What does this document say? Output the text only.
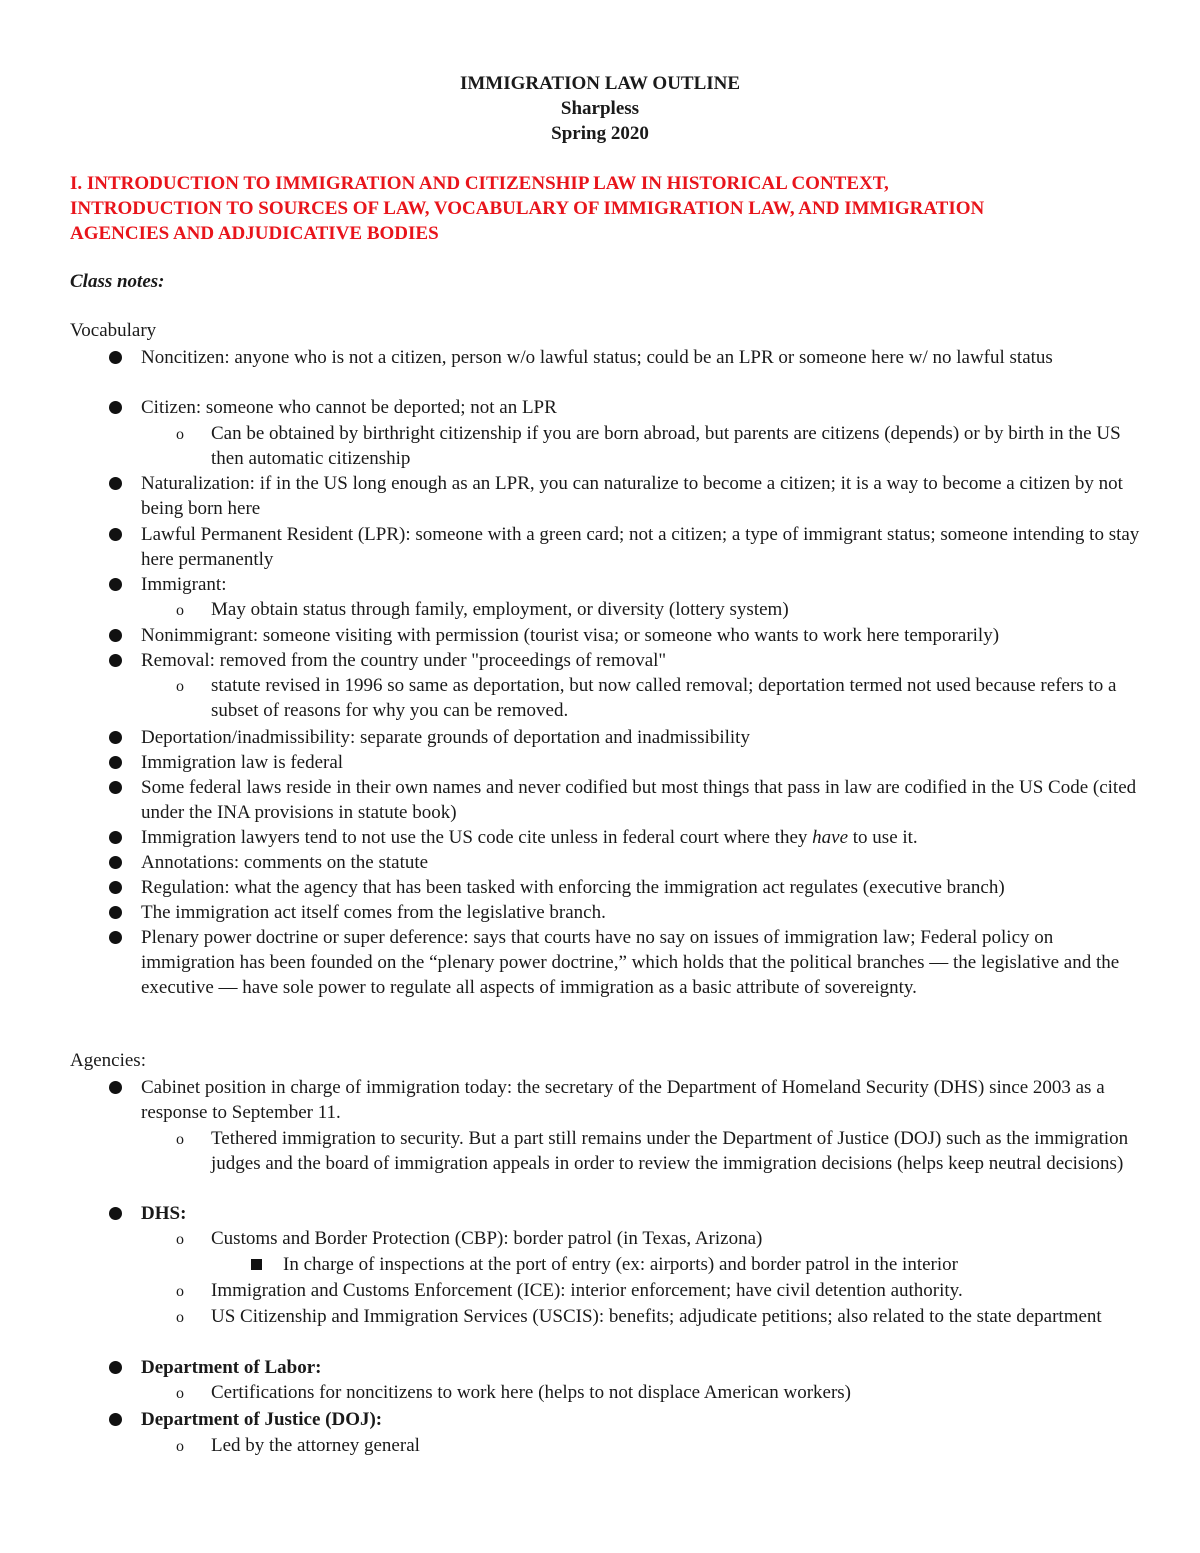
IMMIGRATION LAW OUTLINE
Sharpless
Spring 2020
I. INTRODUCTION TO IMMIGRATION AND CITIZENSHIP LAW IN HISTORICAL CONTEXT,
INTRODUCTION TO SOURCES OF LAW, VOCABULARY OF IMMIGRATION LAW, AND IMMIGRATION
AGENCIES AND ADJUDICATIVE BODIES
Class notes:
Vocabulary
Noncitizen: anyone who is not a citizen, person w/o lawful status; could be an LPR or someone here w/ no lawful status
Citizen: someone who cannot be deported; not an LPR
o Can be obtained by birthright citizenship if you are born abroad, but parents are citizens (depends) or by birth in the US then automatic citizenship
Naturalization: if in the US long enough as an LPR, you can naturalize to become a citizen; it is a way to become a citizen by not being born here
Lawful Permanent Resident (LPR): someone with a green card; not a citizen; a type of immigrant status; someone intending to stay here permanently
Immigrant:
o May obtain status through family, employment, or diversity (lottery system)
Nonimmigrant: someone visiting with permission (tourist visa; or someone who wants to work here temporarily)
Removal: removed from the country under "proceedings of removal"
o statute revised in 1996 so same as deportation, but now called removal; deportation termed not used because refers to a subset of reasons for why you can be removed.
Deportation/inadmissibility: separate grounds of deportation and inadmissibility
Immigration law is federal
Some federal laws reside in their own names and never codified but most things that pass in law are codified in the US Code (cited under the INA provisions in statute book)
Immigration lawyers tend to not use the US code cite unless in federal court where they have to use it.
Annotations: comments on the statute
Regulation: what the agency that has been tasked with enforcing the immigration act regulates (executive branch)
The immigration act itself comes from the legislative branch.
Plenary power doctrine or super deference: says that courts have no say on issues of immigration law; Federal policy on immigration has been founded on the “plenary power doctrine,” which holds that the political branches — the legislative and the executive — have sole power to regulate all aspects of immigration as a basic attribute of sovereignty.
Agencies:
Cabinet position in charge of immigration today: the secretary of the Department of Homeland Security (DHS) since 2003 as a response to September 11.
o Tethered immigration to security. But a part still remains under the Department of Justice (DOJ) such as the immigration judges and the board of immigration appeals in order to review the immigration decisions (helps keep neutral decisions)
DHS:
o Customs and Border Protection (CBP): border patrol (in Texas, Arizona)
In charge of inspections at the port of entry (ex: airports) and border patrol in the interior
o Immigration and Customs Enforcement (ICE): interior enforcement; have civil detention authority.
o US Citizenship and Immigration Services (USCIS): benefits; adjudicate petitions; also related to the state department
Department of Labor:
o Certifications for noncitizens to work here (helps to not displace American workers)
Department of Justice (DOJ):
o Led by the attorney general
